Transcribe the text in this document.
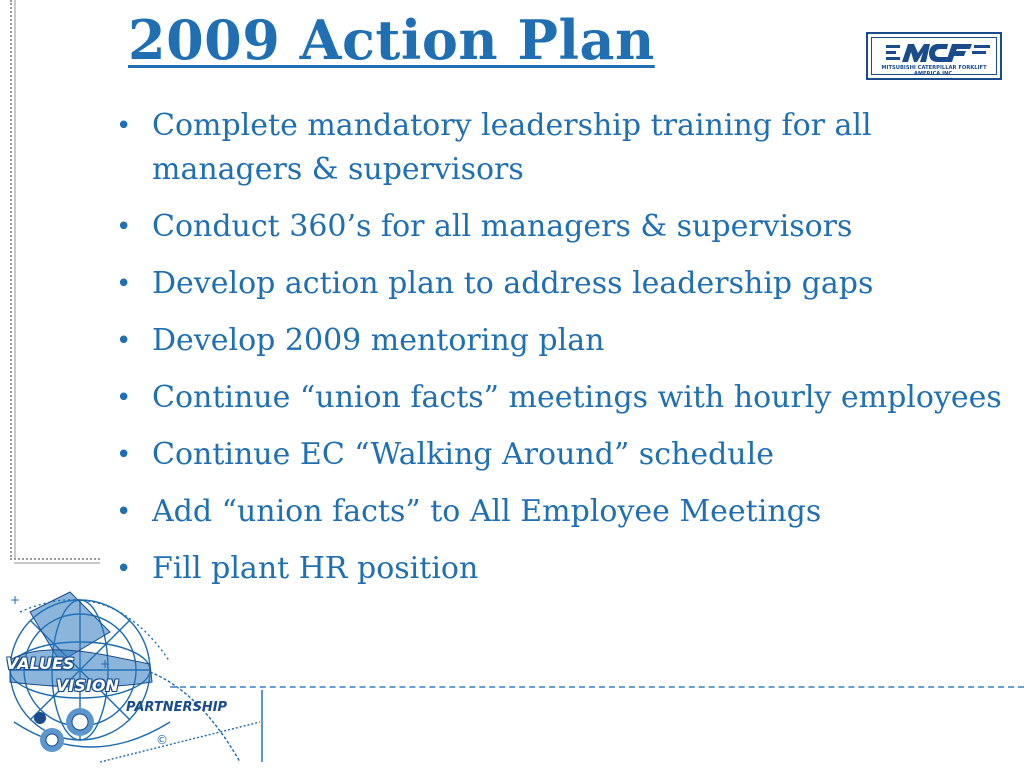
2009 Action Plan	MITSUBISHI CATERPILLAR FORKLIFT
AMERICA INC.
• Complete mandatory leadership training for all managers & supervisors
• Conduct 360’s for all managers & supervisors
• Develop action plan to address leadership gaps
• Develop 2009 mentoring plan
• Continue “union facts” meetings with hourly employees
• Continue EC “Walking Around” schedule
• Add “union facts” to All Employee Meetings
• Fill plant HR position
+
+
©
VALUES
VISION
PARTNERSHIP
